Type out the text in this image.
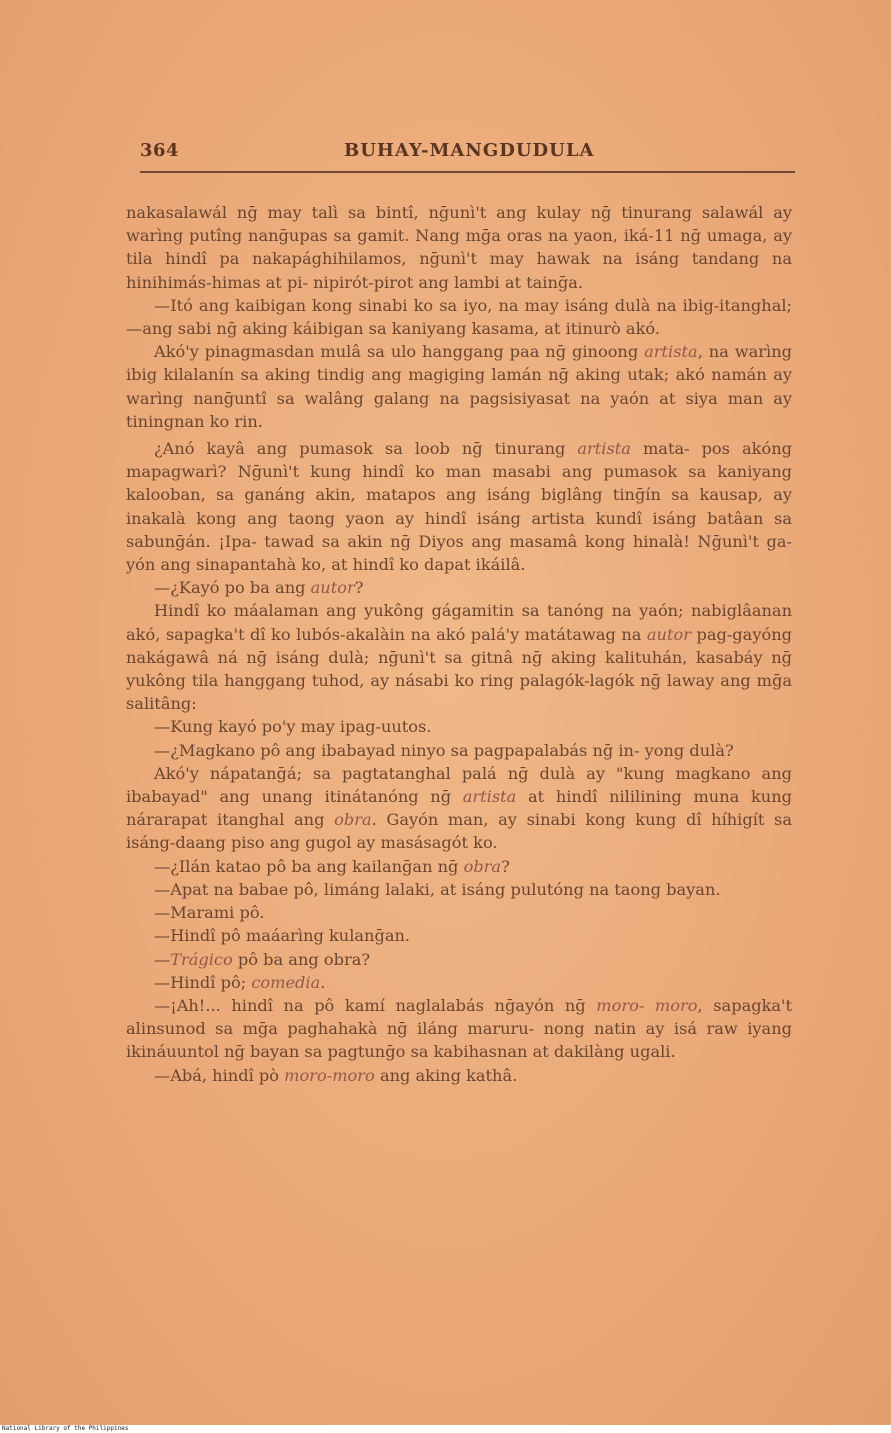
364	BUHAY-MANGDUDULA

nakasalawál nḡ may talì sa bintî, nḡunì't ang kulay nḡ tinurang salawál ay warìng putîng nanḡupas sa gamit. Nang mḡa oras na yaon, iká-11 nḡ umaga, ay tila hindî pa nakapághihilamos, nḡunì't may hawak na isáng tandang na hinihimás-himas at pi- nipirót-pirot ang lambi at tainḡa.

—Itó ang kaibigan kong sinabi ko sa iyo, na may isáng dulà na ibig-itanghal;—ang sabi nḡ aking káibigan sa kaniyang kasama, at itinurò akó.

Akó'y pinagmasdan mulâ sa ulo hanggang paa nḡ ginoong artista, na warìng ibig kilalanín sa aking tindig ang magiging lamán nḡ aking utak; akó namán ay warìng nanḡuntî sa walâng galang na pagsisiyasat na yaón at siya man ay tiningnan ko rin.

¿Anó kayâ ang pumasok sa loob nḡ tinurang artista mata- pos akóng mapagwarì? Nḡunì't kung hindî ko man masabi ang pumasok sa kaniyang kalooban, sa ganáng akin, matapos ang isáng biglâng tinḡín sa kausap, ay inakalà kong ang taong yaon ay hindî isáng artista kundî isáng batâan sa sabunḡán. ¡Ipa- tawad sa akin nḡ Diyos ang masamâ kong hinalà! Nḡunì't ga- yón ang sinapantahà ko, at hindî ko dapat ikáilâ.

—¿Kayó po ba ang autor?

Hindî ko máalaman ang yukông gágamitin sa tanóng na yaón; nabiglâanan akó, sapagka't dî ko lubós-akalàin na akó palá'y matátawag na autor pag-gayóng nakágawâ ná nḡ isáng dulà; nḡunì't sa gitnâ nḡ aking kalituhán, kasabáy nḡ yukông tila hanggang tuhod, ay násabi ko ring palagók-lagók nḡ laway ang mḡa salitâng:

—Kung kayó po'y may ipag-uutos.

—¿Magkano pô ang ibabayad ninyo sa pagpapalabás nḡ in- yong dulà?

Akó'y nápatanḡá; sa pagtatanghal palá nḡ dulà ay "kung magkano ang ibabayad" ang unang itinátanóng nḡ artista at hindî nililining muna kung nárarapat itanghal ang obra. Gayón man, ay sinabi kong kung dî híhigít sa isáng-daang piso ang gugol ay masásagót ko.

—¿Ilán katao pô ba ang kailanḡan nḡ obra?

—Apat na babae pô, limáng lalaki, at isáng pulutóng na taong bayan.

—Marami pô.

—Hindî pô maáarìng kulanḡan.

—Trágico pô ba ang obra?

—Hindî pô; comedia.

—¡Ah!... hindî na pô kamí naglalabás nḡayón nḡ moro- moro, sapagka't alinsunod sa mḡa paghahakà nḡ iláng maruru- nong natin ay isá raw iyang ikináuuntol nḡ bayan sa pagtunḡo sa kabihasnan at dakilàng ugali.

—Abá, hindî pò moro-moro ang aking kathâ.

National Library of the Philippines
